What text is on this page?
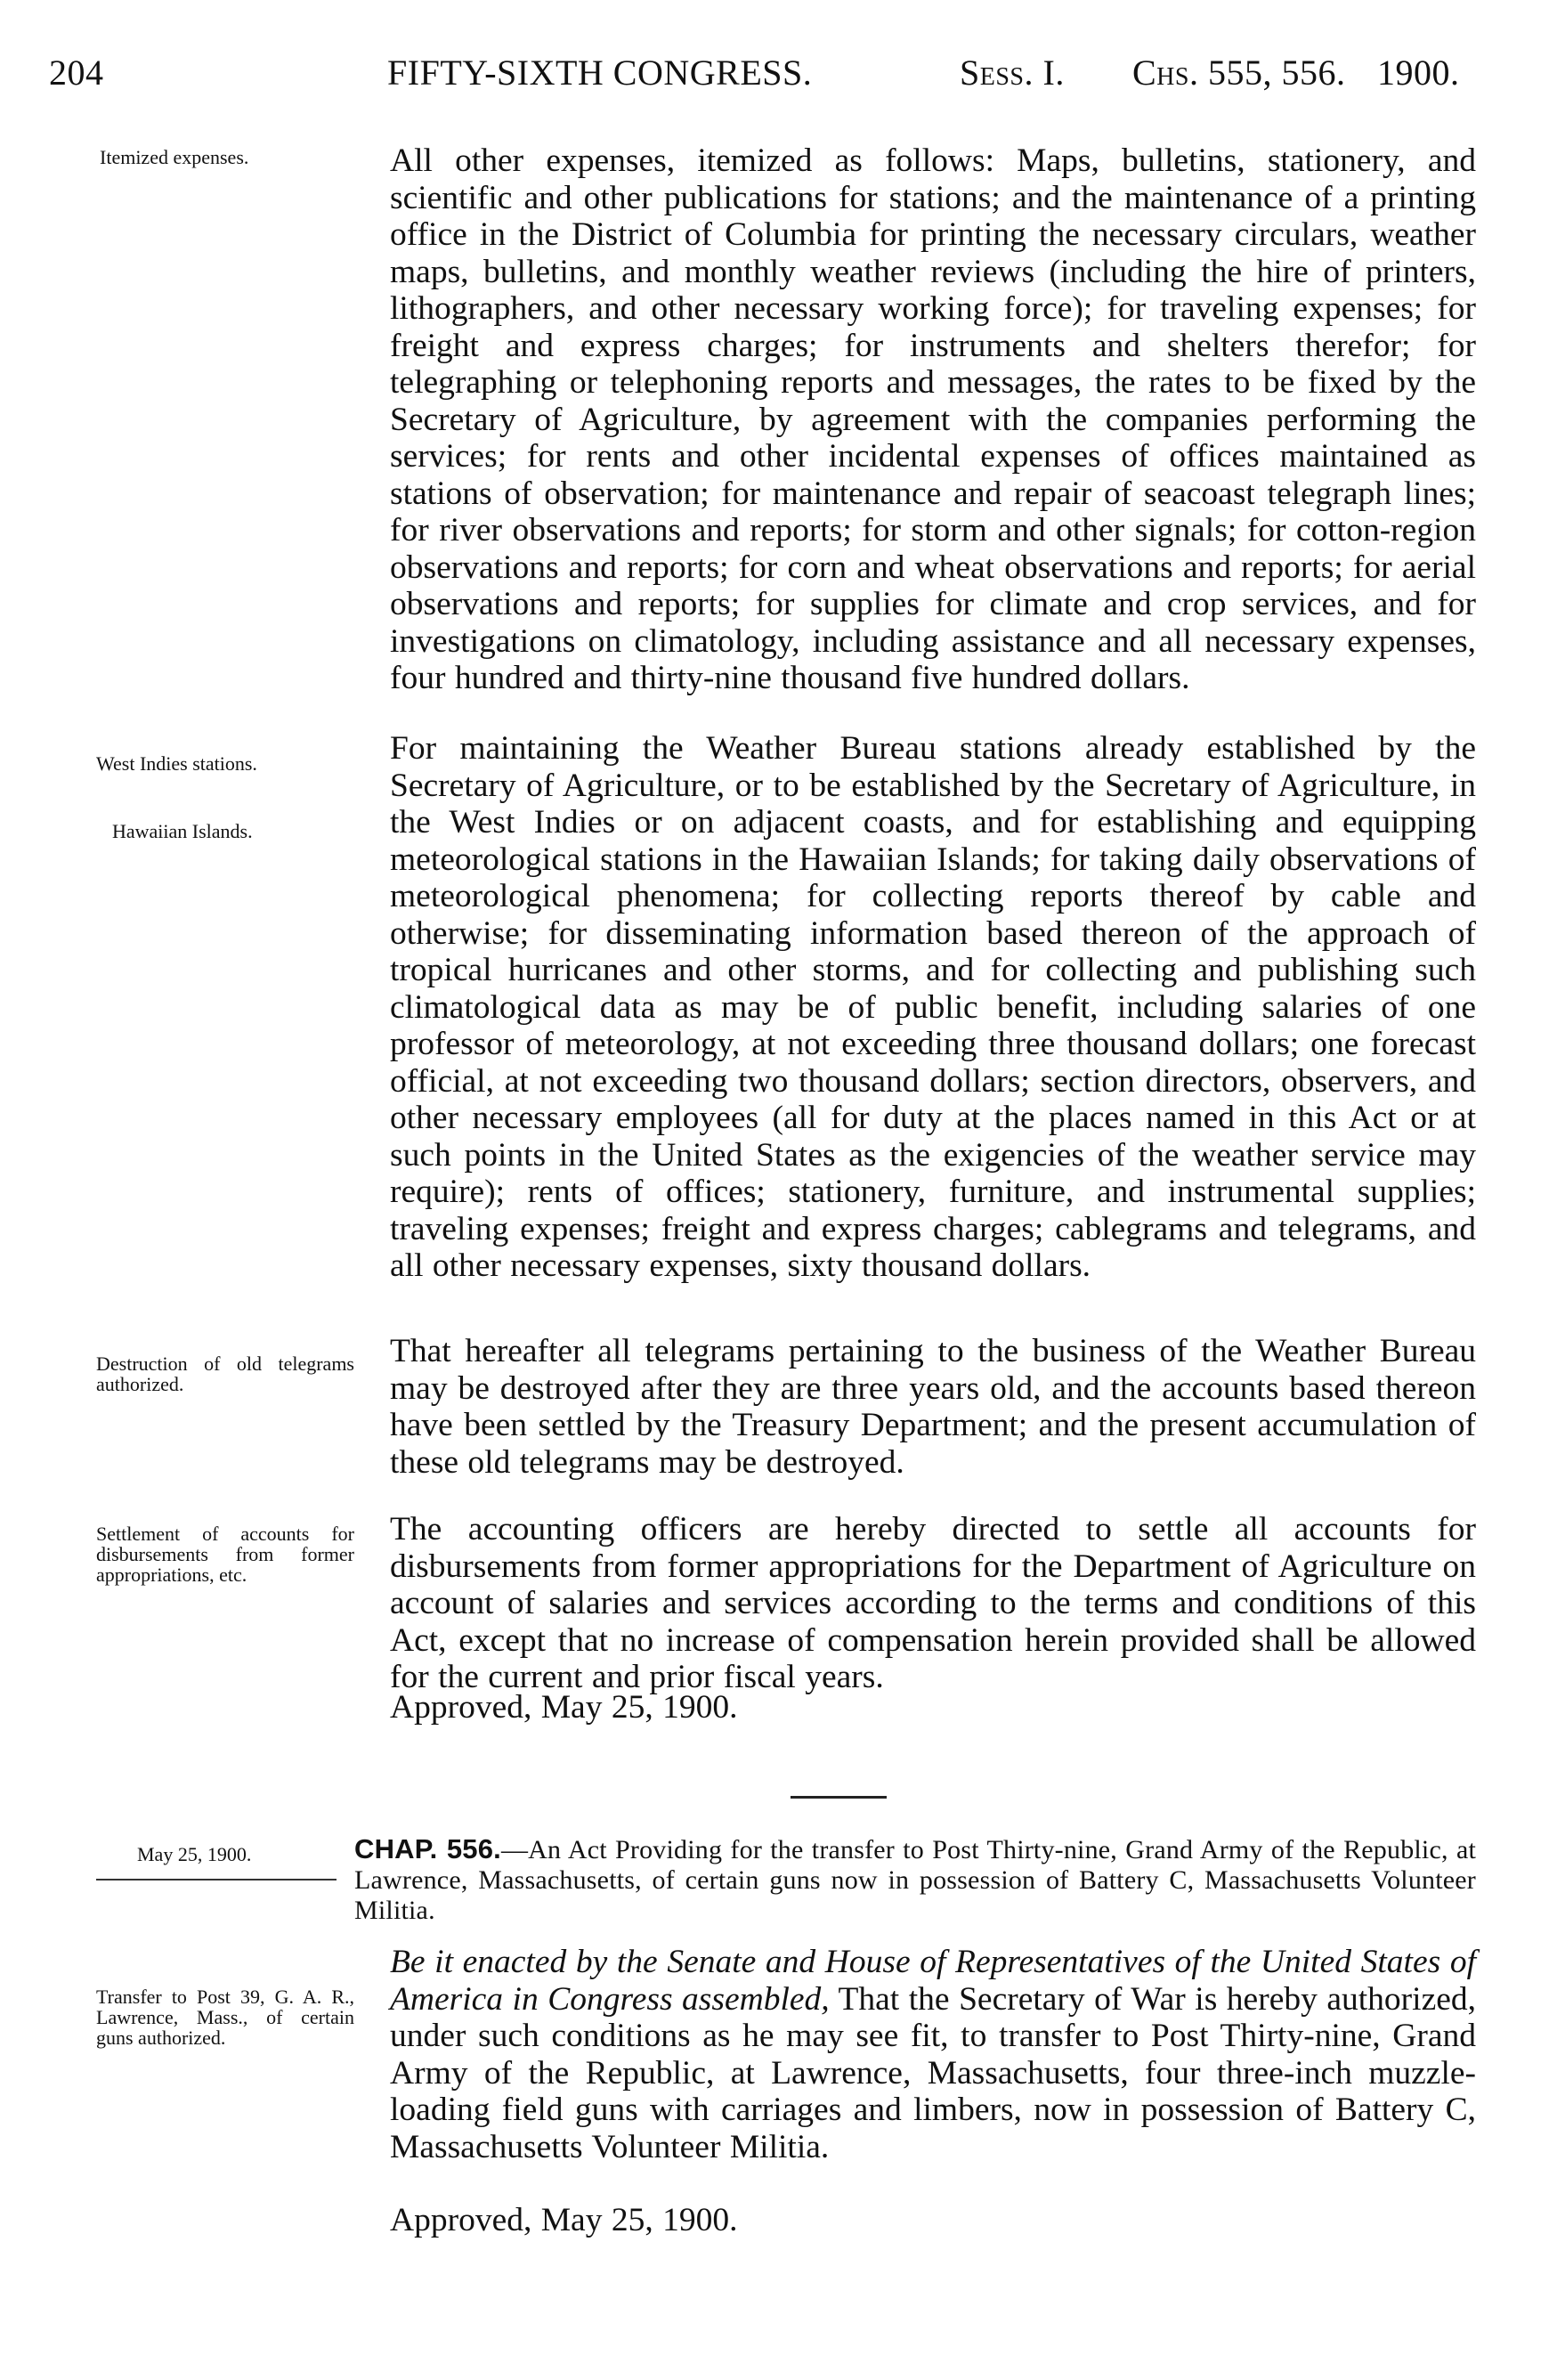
204	FIFTY-SIXTH CONGRESS.	Sess. I. Chs. 555, 556. 1900.
Itemized expenses.	All other expenses, itemized as follows: Maps, bulletins, stationery, and scientific and other publications for stations; and the maintenance of a printing office in the District of Columbia for printing the necessary circulars, weather maps, bulletins, and monthly weather reviews (including the hire of printers, lithographers, and other necessary working force); for traveling expenses; for freight and express charges; for instruments and shelters therefor; for telegraphing or telephoning reports and messages, the rates to be fixed by the Secretary of Agriculture, by agreement with the companies performing the services; for rents and other incidental expenses of offices maintained as stations of observation; for maintenance and repair of seacoast telegraph lines; for river observations and reports; for storm and other signals; for cotton-region observations and reports; for corn and wheat observations and reports; for aerial observations and reports; for supplies for climate and crop services, and for investigations on climatology, including assistance and all necessary expenses, four hundred and thirty-nine thousand five hundred dollars.
West Indies stations.
Hawaiian Islands.
For maintaining the Weather Bureau stations already established by the Secretary of Agriculture, or to be established by the Secretary of Agriculture, in the West Indies or on adjacent coasts, and for establishing and equipping meteorological stations in the Hawaiian Islands; for taking daily observations of meteorological phenomena; for collecting reports thereof by cable and otherwise; for disseminating information based thereon of the approach of tropical hurricanes and other storms, and for collecting and publishing such climatological data as may be of public benefit, including salaries of one professor of meteorology, at not exceeding three thousand dollars; one forecast official, at not exceeding two thousand dollars; section directors, observers, and other necessary employees (all for duty at the places named in this Act or at such points in the United States as the exigencies of the weather service may require); rents of offices; stationery, furniture, and instrumental supplies; traveling expenses; freight and express charges; cablegrams and telegrams, and all other necessary expenses, sixty thousand dollars.
Destruction of old telegrams authorized.
That hereafter all telegrams pertaining to the business of the Weather Bureau may be destroyed after they are three years old, and the accounts based thereon have been settled by the Treasury Department; and the present accumulation of these old telegrams may be destroyed.
Settlement of accounts for disbursements from former appropriations, etc.
The accounting officers are hereby directed to settle all accounts for disbursements from former appropriations for the Department of Agriculture on account of salaries and services according to the terms and conditions of this Act, except that no increase of compensation herein provided shall be allowed for the current and prior fiscal years.
Approved, May 25, 1900.
May 25, 1900.	CHAP. 556.—An Act Providing for the transfer to Post Thirty-nine, Grand Army of the Republic, at Lawrence, Massachusetts, of certain guns now in possession of Battery C, Massachusetts Volunteer Militia.
Transfer to Post 39, G. A. R., Lawrence, Mass., of certain guns authorized.
Be it enacted by the Senate and House of Representatives of the United States of America in Congress assembled, That the Secretary of War is hereby authorized, under such conditions as he may see fit, to transfer to Post Thirty-nine, Grand Army of the Republic, at Lawrence, Massachusetts, four three-inch muzzle-loading field guns with carriages and limbers, now in possession of Battery C, Massachusetts Volunteer Militia.
Approved, May 25, 1900.
